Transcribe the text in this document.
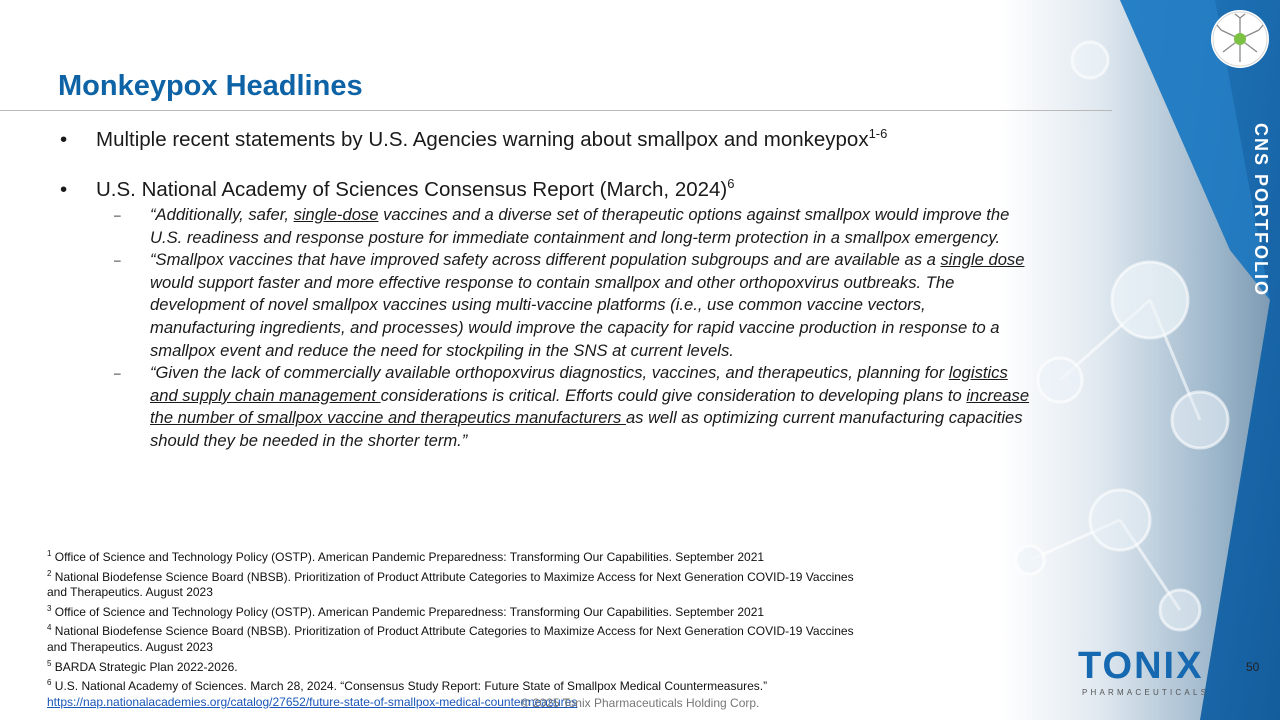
CNS PORTFOLIO
Monkeypox Headlines
•	Multiple recent statements by U.S. Agencies warning about smallpox and monkeypox$^{1-6}$
•	U.S. National Academy of Sciences Consensus Report (March, 2024)$^6$
–	“Additionally, safer, single-dose vaccines and a diverse set of therapeutic options against smallpox would improve the U.S. readiness and response posture for immediate containment and long-term protection in a smallpox emergency.
–	“Smallpox vaccines that have improved safety across different population subgroups and are available as a single dose would support faster and more effective response to contain smallpox and other orthopoxvirus outbreaks. The development of novel smallpox vaccines using multi-vaccine platforms (i.e., use common vaccine vectors, manufacturing ingredients, and processes) would improve the capacity for rapid vaccine production in response to a smallpox event and reduce the need for stockpiling in the SNS at current levels.
–	“Given the lack of commercially available orthopoxvirus diagnostics, vaccines, and therapeutics, planning for logistics and supply chain management considerations is critical. Efforts could give consideration to developing plans to increase the number of smallpox vaccine and therapeutics manufacturers as well as optimizing current manufacturing capacities should they be needed in the shorter term.”
$^1$ Office of Science and Technology Policy (OSTP). American Pandemic Preparedness: Transforming Our Capabilities. September 2021
$^2$ National Biodefense Science Board (NBSB). Prioritization of Product Attribute Categories to Maximize Access for Next Generation COVID-19 Vaccines and Therapeutics. August 2023
$^3$ Office of Science and Technology Policy (OSTP). American Pandemic Preparedness: Transforming Our Capabilities. September 2021
$^4$ National Biodefense Science Board (NBSB). Prioritization of Product Attribute Categories to Maximize Access for Next Generation COVID-19 Vaccines and Therapeutics. August 2023
$^5$ BARDA Strategic Plan 2022-2026.
$^6$ U.S. National Academy of Sciences. March 28, 2024. “Consensus Study Report: Future State of Smallpox Medical Countermeasures.”
https://nap.nationalacademies.org/catalog/27652/future-state-of-smallpox-medical-countermeasures
TONIX
PHARMACEUTICALS
50
© 2025 Tonix Pharmaceuticals Holding Corp.
